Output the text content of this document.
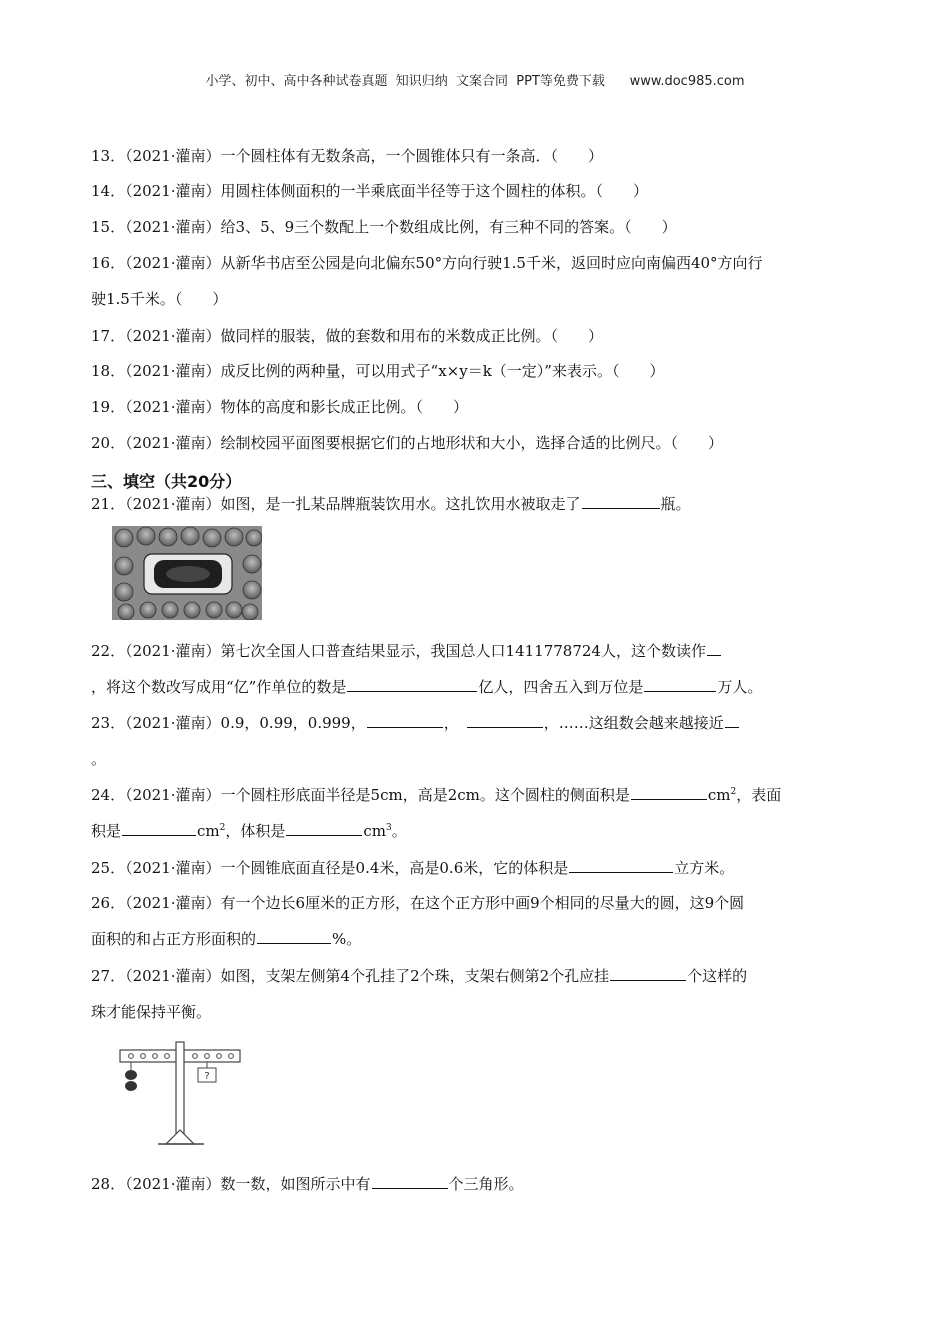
小学、初中、高中各种试卷真题  知识归纳  文案合同  PPT等免费下载      www.doc985.com
13．（2021·灌南）一个圆柱体有无数条高，一个圆锥体只有一条高．（　　）
14．（2021·灌南）用圆柱体侧面积的一半乘底面半径等于这个圆柱的体积。（　　）
15．（2021·灌南）给3、5、9三个数配上一个数组成比例，有三种不同的答案。（　　）
16．（2021·灌南）从新华书店至公园是向北偏东50°方向行驶1.5千米，返回时应向南偏西40°方向行
驶1.5千米。（　　）
17．（2021·灌南）做同样的服装，做的套数和用布的米数成正比例。（　　）
18．（2021·灌南）成反比例的两种量，可以用式子“x×y＝k（一定）”来表示。（　　）
19．（2021·灌南）物体的高度和影长成正比例。（　　）
20．（2021·灌南）绘制校园平面图要根据它们的占地形状和大小，选择合适的比例尺。（　　）
三、填空（共20分）
21．（2021·灌南）如图，是一扎某品牌瓶装饮用水。这扎饮用水被取走了	瓶。
22．（2021·灌南）第七次全国人口普查结果显示，我国总人口1411778724人，这个数读作
，将这个数改写成用“亿”作单位的数是	亿人，四舍五入到万位是	万人。
23．（2021·灌南）0.9，0.99，0.999，	，	，……这组数会越来越接近
。
24．（2021·灌南）一个圆柱形底面半径是5cm，高是2cm。这个圆柱的侧面积是	$cm^2$，表面
积是	$cm^2$，体积是	$cm^3$。
25．（2021·灌南）一个圆锥底面直径是0.4米，高是0.6米，它的体积是	立方米。
26．（2021·灌南）有一个边长6厘米的正方形，在这个正方形中画9个相同的尽量大的圆，这9个圆
面积的和占正方形面积的	%。
27．（2021·灌南）如图，支架左侧第4个孔挂了2个珠，支架右侧第2个孔应挂	个这样的
珠才能保持平衡。
?
28．（2021·灌南）数一数，如图所示中有	个三角形。
